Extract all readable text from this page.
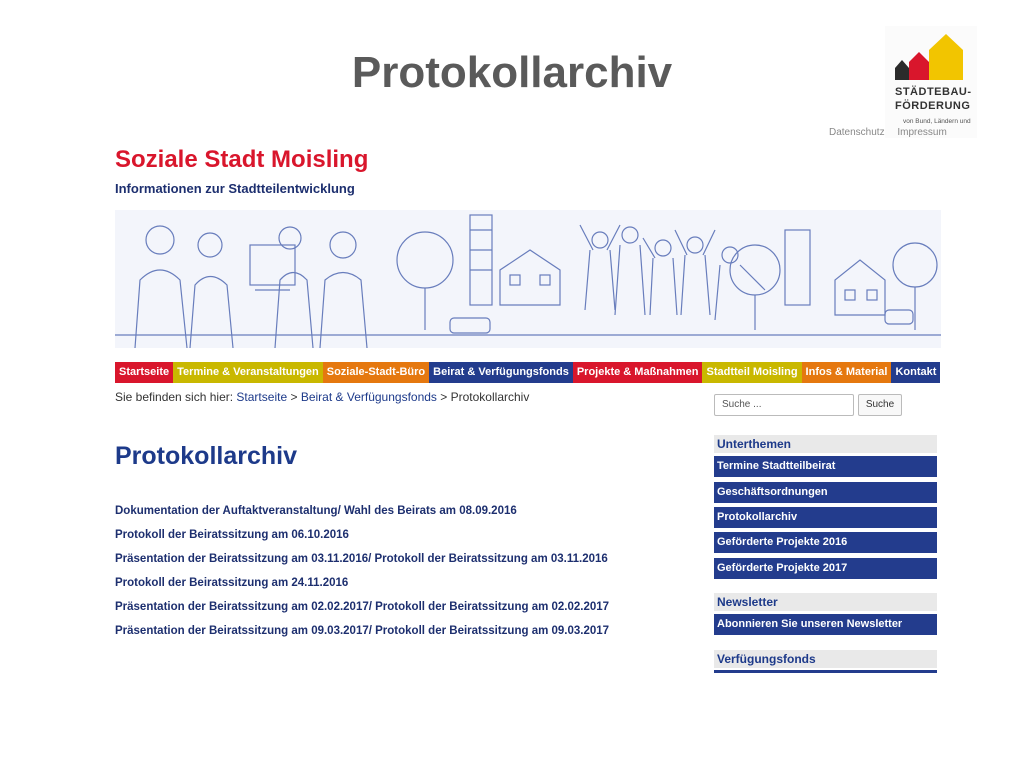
Protokollarchiv	STÄDTEBAU-
FÖRDERUNG
von Bund, Ländern und
Datenschutz Impressum
Soziale Stadt Moisling
Informationen zur Stadtteilentwicklung
Startseite Termine & Veranstaltungen Soziale-Stadt-Büro Beirat & Verfügungsfonds Projekte & Maßnahmen Stadtteil Moisling Infos & Material Kontakt
Sie befinden sich hier: Startseite > Beirat & Verfügungsfonds > Protokollarchiv
Suche ...	Suche
Protokollarchiv
Dokumentation der Auftaktveranstaltung/ Wahl des Beirats am 08.09.2016
Protokoll der Beiratssitzung am 06.10.2016
Präsentation der Beiratssitzung am 03.11.2016/ Protokoll der Beiratssitzung am 03.11.2016
Protokoll der Beiratssitzung am 24.11.2016
Präsentation der Beiratssitzung am 02.02.2017/ Protokoll der Beiratssitzung am 02.02.2017
Präsentation der Beiratssitzung am 09.03.2017/ Protokoll der Beiratssitzung am 09.03.2017
Unterthemen
Termine Stadtteilbeirat
Geschäftsordnungen
Protokollarchiv
Geförderte Projekte 2016
Geförderte Projekte 2017
Newsletter
Abonnieren Sie unseren Newsletter
Verfügungsfonds
